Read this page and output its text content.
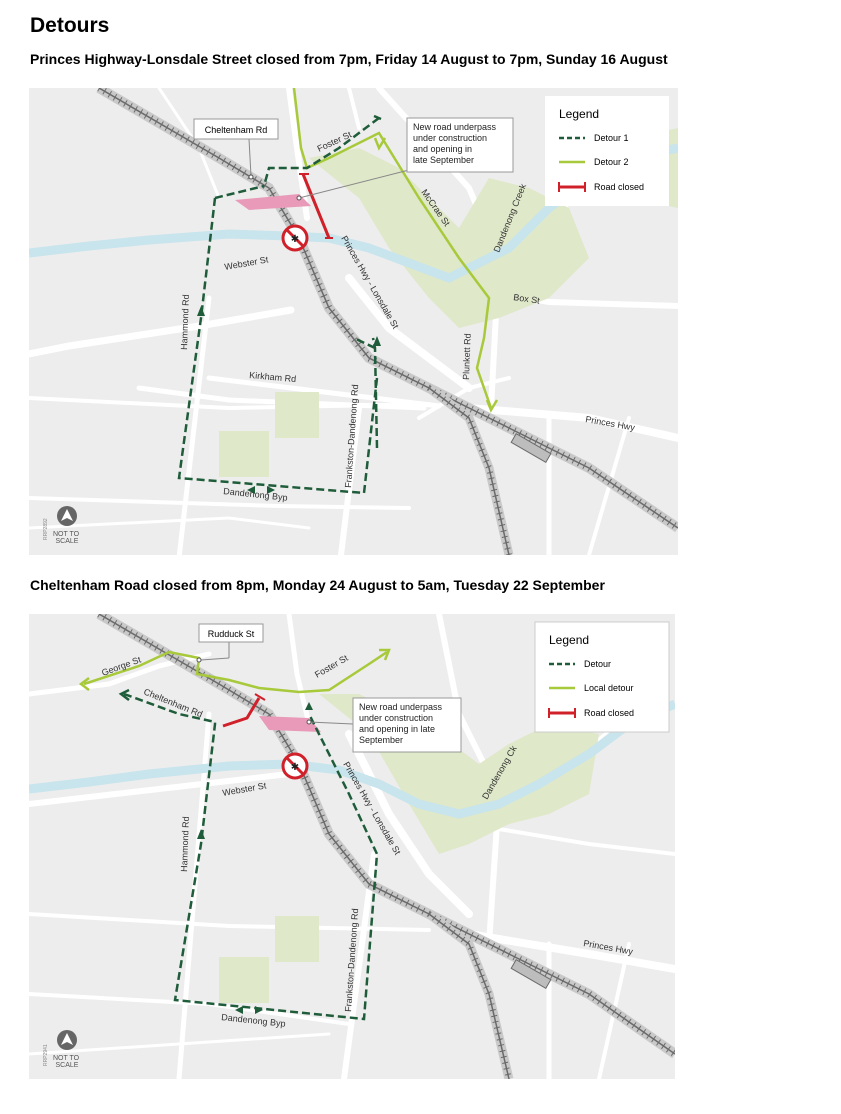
Detours
Princes Highway-Lonsdale Street closed from 7pm, Friday 14 August to 7pm, Sunday 16 August
✱
Cheltenham Rd	New road underpass under construction and opening in late September
Foster St
McCrae St	Dandenong Creek
Webster St
Hammond Rd	Princes Hwy - Lonsdale St	Box St
Plunkett Rd
Kirkham Rd
Frankston-Dandenong Rd	Princes Hwy
Dandenong Byp
NOT TO SCALE
RRP2892
Legend
Detour 1
Detour 2
Road closed
Cheltenham Road closed from 8pm, Monday 24 August to 5am, Tuesday 22 September
✱
Rudduck St
New road underpass under construction and opening in late September
George St
Cheltenham Rd
Foster St
Webster St
Hammond Rd	Princes Hwy - Lonsdale St	Dandenong Ck
Princes Hwy
Frankston-Dandenong Rd
Dandenong Byp
NOT TO SCALE
RRP2941
Legend
Detour
Local detour
Road closed
